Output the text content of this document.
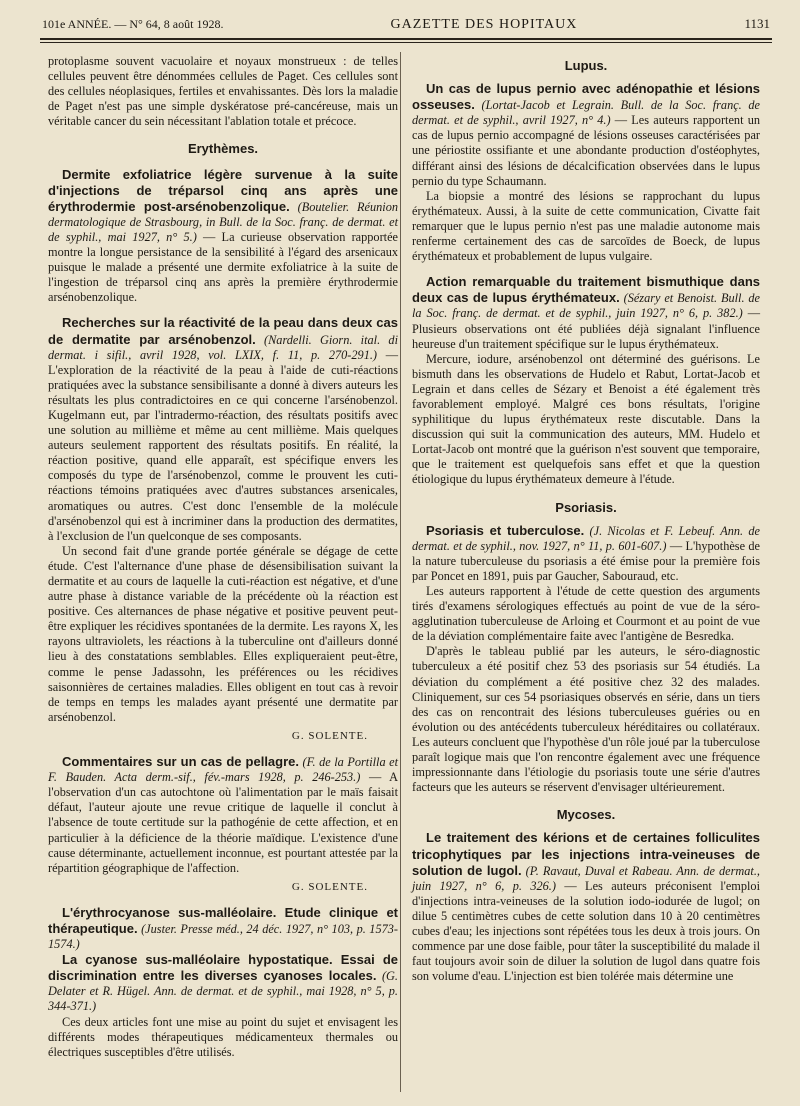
101e ANNÉE. — N° 64, 8 août 1928.	GAZETTE DES HOPITAUX	1131

protoplasme souvent vacuolaire et noyaux monstrueux : de telles cellules peuvent être dénommées cellules de Paget. Ces cellules sont des cellules néoplasiques, fertiles et envahissantes. Dès lors la maladie de Paget n'est pas une simple dyskératose pré-cancéreuse, mais un véritable cancer du sein nécessitant l'ablation totale et précoce.

Erythèmes.

Dermite exfoliatrice légère survenue à la suite d'injections de tréparsol cinq ans après une érythrodermie post-arsénobenzolique. (Boutelier. Réunion dermatologique de Strasbourg, in Bull. de la Soc. franç. de dermat. et de syphil., mai 1927, n° 5.) — La curieuse observation rapportée montre la longue persistance de la sensibilité à l'égard des arsenicaux puisque le malade a présenté une dermite exfoliatrice à la suite de l'ingestion de tréparsol cinq ans après la première érythrodermie arsénobenzolique.

Recherches sur la réactivité de la peau dans deux cas de dermatite par arsénobenzol. (Nardelli. Giorn. ital. di dermat. i sifil., avril 1928, vol. LXIX, f. 11, p. 270-291.) — L'exploration de la réactivité de la peau à l'aide de cuti-réactions pratiquées avec la substance sensibilisante a donné à divers auteurs les résultats les plus contradictoires en ce qui concerne l'arsénobenzol. Kugelmann eut, par l'intradermo-réaction, des résultats positifs avec une solution au millième et même au cent millième. Mais quelques auteurs seulement rapportent des résultats positifs. En réalité, la réaction positive, quand elle apparaît, est spécifique envers les composés du type de l'arsénobenzol, comme le prouvent les cuti-réactions témoins pratiquées avec d'autres substances arsenicales, aromatiques ou autres. C'est donc l'ensemble de la molécule d'arsénobenzol qui est à incriminer dans la production des dermatites, à l'exclusion de l'un quelconque de ses composants.

Un second fait d'une grande portée générale se dégage de cette étude. C'est l'alternance d'une phase de désensibilisation suivant la dermatite et au cours de laquelle la cuti-réaction est négative, et d'une autre phase à distance variable de la précédente où la réaction est positive. Ces alternances de phase négative et positive peuvent peut-être expliquer les récidives spontanées de la dermite. Les rayons X, les rayons ultraviolets, les réactions à la tuberculine ont d'ailleurs donné lieu à des constatations semblables. Elles expliqueraient peut-être, comme le pense Jadassohn, les préférences ou les récidives saisonnières de certaines maladies. Elles obligent en tout cas à revoir de temps en temps les malades ayant présenté une dermatite par arsénobenzol.

G. SOLENTE.

Commentaires sur un cas de pellagre. (F. de la Portilla et F. Bauden. Acta derm.-sif., fév.-mars 1928, p. 246-253.) — A l'observation d'un cas autochtone où l'alimentation par le maïs faisait défaut, l'auteur ajoute une revue critique de laquelle il conclut à l'absence de toute certitude sur la pathogénie de cette affection, et en particulier à la déficience de la théorie maïdique. L'existence d'une cause déterminante, actuellement inconnue, est pourtant attestée par la répartition géographique de l'affection.

G. SOLENTE.

L'érythrocyanose sus-malléolaire. Etude clinique et thérapeutique. (Juster. Presse méd., 24 déc. 1927, n° 103, p. 1573-1574.)

La cyanose sus-malléolaire hypostatique. Essai de discrimination entre les diverses cyanoses locales. (G. Delater et R. Hügel. Ann. de dermat. et de syphil., mai 1928, n° 5, p. 344-371.)

Ces deux articles font une mise au point du sujet et envisagent les différents modes thérapeutiques médicamenteux thermales ou électriques susceptibles d'être utilisés.

Lupus.

Un cas de lupus pernio avec adénopathie et lésions osseuses. (Lortat-Jacob et Legrain. Bull. de la Soc. franç. de dermat. et de syphil., avril 1927, n° 4.) — Les auteurs rapportent un cas de lupus pernio accompagné de lésions osseuses caractérisées par une périostite ossifiante et une abondante production d'ostéophytes, différant ainsi des lésions de décalcification observées dans le lupus pernio du type Schaumann.

La biopsie a montré des lésions se rapprochant du lupus érythémateux. Aussi, à la suite de cette communication, Civatte fait remarquer que le lupus pernio n'est pas une maladie autonome mais renferme certainement des cas de sarcoïdes de Boeck, de lupus érythémateux et probablement de lupus vulgaire.

Action remarquable du traitement bismuthique dans deux cas de lupus érythémateux. (Sézary et Benoist. Bull. de la Soc. franç. de dermat. et de syphil., juin 1927, n° 6, p. 382.) — Plusieurs observations ont été publiées déjà signalant l'influence heureuse d'un traitement spécifique sur le lupus érythémateux.

Mercure, iodure, arsénobenzol ont déterminé des guérisons. Le bismuth dans les observations de Hudelo et Rabut, Lortat-Jacob et Legrain et dans celles de Sézary et Benoist a été également très favorablement employé. Malgré ces bons résultats, l'origine syphilitique du lupus érythémateux reste discutable. Dans la discussion qui suit la communication des auteurs, MM. Hudelo et Lortat-Jacob ont montré que la guérison n'est souvent que temporaire, que le traitement est quelquefois sans effet et que la question étiologique du lupus érythémateux demeure à l'étude.

Psoriasis.

Psoriasis et tuberculose. (J. Nicolas et F. Lebeuf. Ann. de dermat. et de syphil., nov. 1927, n° 11, p. 601-607.) — L'hypothèse de la nature tuberculeuse du psoriasis a été émise pour la première fois par Poncet en 1891, puis par Gaucher, Sabouraud, etc.

Les auteurs rapportent à l'étude de cette question des arguments tirés d'examens sérologiques effectués au point de vue de la séro-agglutination tuberculeuse de Arloing et Courmont et au point de vue de la déviation complémentaire faite avec l'antigène de Besredka.

D'après le tableau publié par les auteurs, le séro-diagnostic tuberculeux a été positif chez 53 des psoriasis sur 54 étudiés. La déviation du complément a été positive chez 32 des malades. Cliniquement, sur ces 54 psoriasiques observés en série, dans un tiers des cas on rencontrait des lésions tuberculeuses guéries ou en évolution ou des antécédents tuberculeux héréditaires ou collatéraux. Les auteurs concluent que l'hypothèse d'un rôle joué par la tuberculose paraît logique mais que l'on rencontre également avec une fréquence impressionnante dans l'étiologie du psoriasis toute une série d'autres facteurs que les auteurs se réservent d'envisager ultérieurement.

Mycoses.

Le traitement des kérions et de certaines folliculites tricophytiques par les injections intra-veineuses de solution de lugol. (P. Ravaut, Duval et Rabeau. Ann. de dermat., juin 1927, n° 6, p. 326.) — Les auteurs préconisent l'emploi d'injections intra-veineuses de la solution iodo-iodurée de lugol; on dilue 5 centimètres cubes de cette solution dans 10 à 20 centimètres cubes d'eau; les injections sont répétées tous les deux à trois jours. On commence par une dose faible, pour tâter la susceptibilité du malade il faut toujours avoir soin de diluer la solution de lugol dans quatre fois son volume d'eau. L'injection est bien tolérée mais détermine une
